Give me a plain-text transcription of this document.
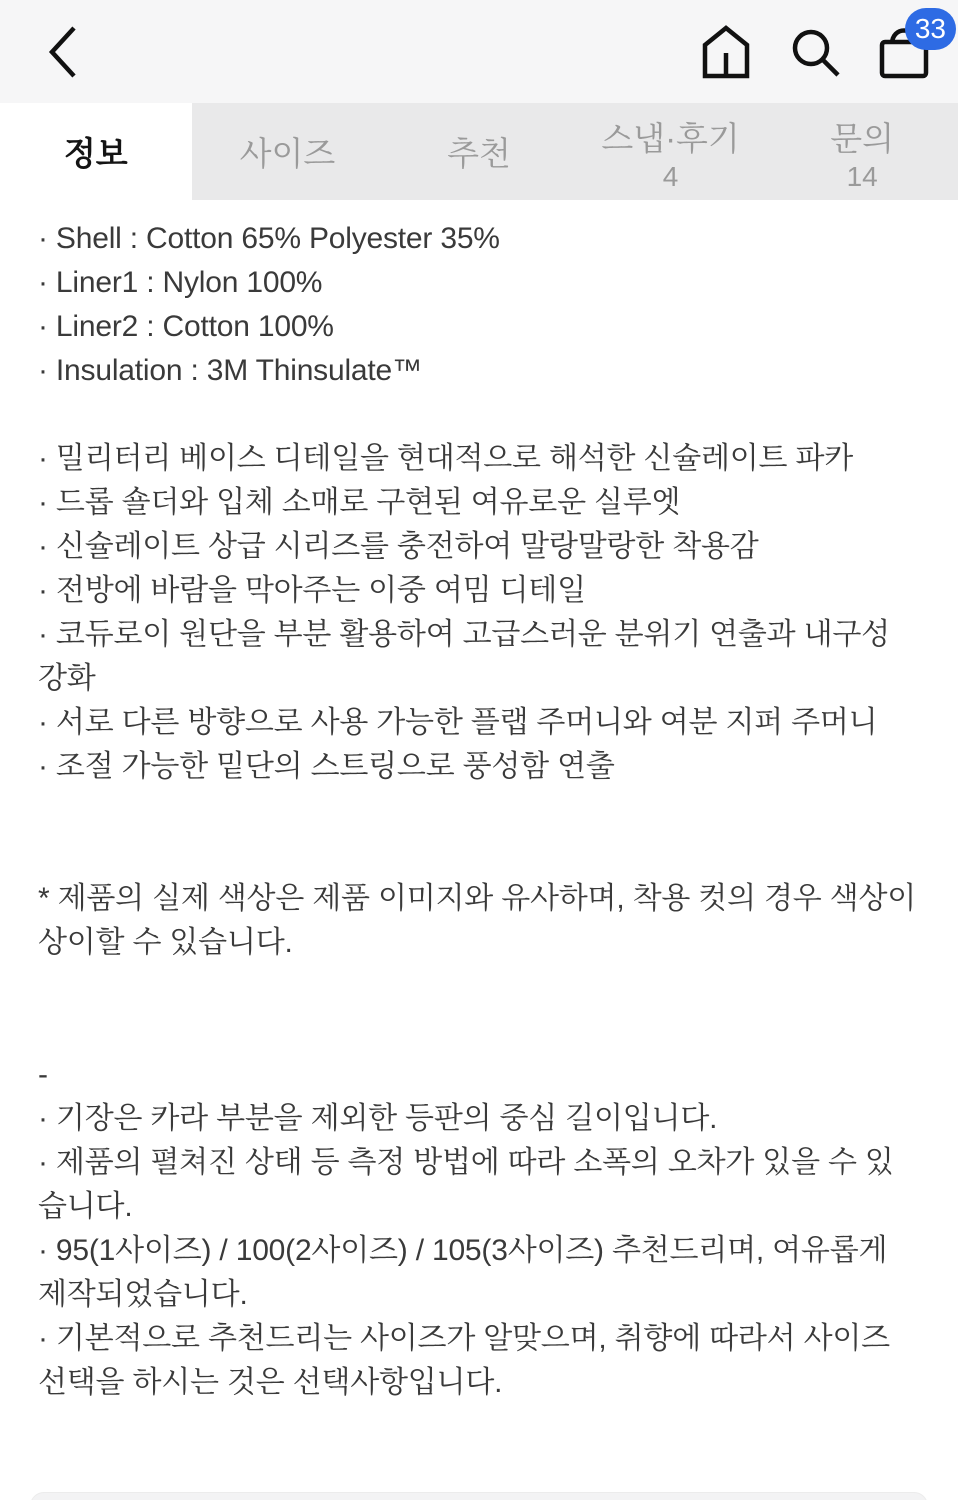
33
정보	사이즈	추천	스냅·후기
4
문의
14

· Shell : Cotton 65% Polyester 35%

· Liner1 : Nylon 100%

· Liner2 : Cotton 100%

· Insulation : 3M Thinsulate™

· 밀리터리 베이스 디테일을 현대적으로 해석한 신슐레이트 파카

· 드롭 숄더와 입체 소매로 구현된 여유로운 실루엣

· 신슐레이트 상급 시리즈를 충전하여 말랑말랑한 착용감

· 전방에 바람을 막아주는 이중 여밈 디테일

· 코듀로이 원단을 부분 활용하여 고급스러운 분위기 연출과 내구성 강화

· 서로 다른 방향으로 사용 가능한 플랩 주머니와 여분 지퍼 주머니

· 조절 가능한 밑단의 스트링으로 풍성함 연출

* 제품의 실제 색상은 제품 이미지와 유사하며, 착용 컷의 경우 색상이 상이할 수 있습니다.

-

· 기장은 카라 부분을 제외한 등판의 중심 길이입니다.

· 제품의 펼쳐진 상태 등 측정 방법에 따라 소폭의 오차가 있을 수 있습니다.

· 95(1사이즈) / 100(2사이즈) / 105(3사이즈) 추천드리며, 여유롭게 제작되었습니다.

· 기본적으로 추천드리는 사이즈가 알맞으며, 취향에 따라서 사이즈 선택을 하시는 것은 선택사항입니다.
